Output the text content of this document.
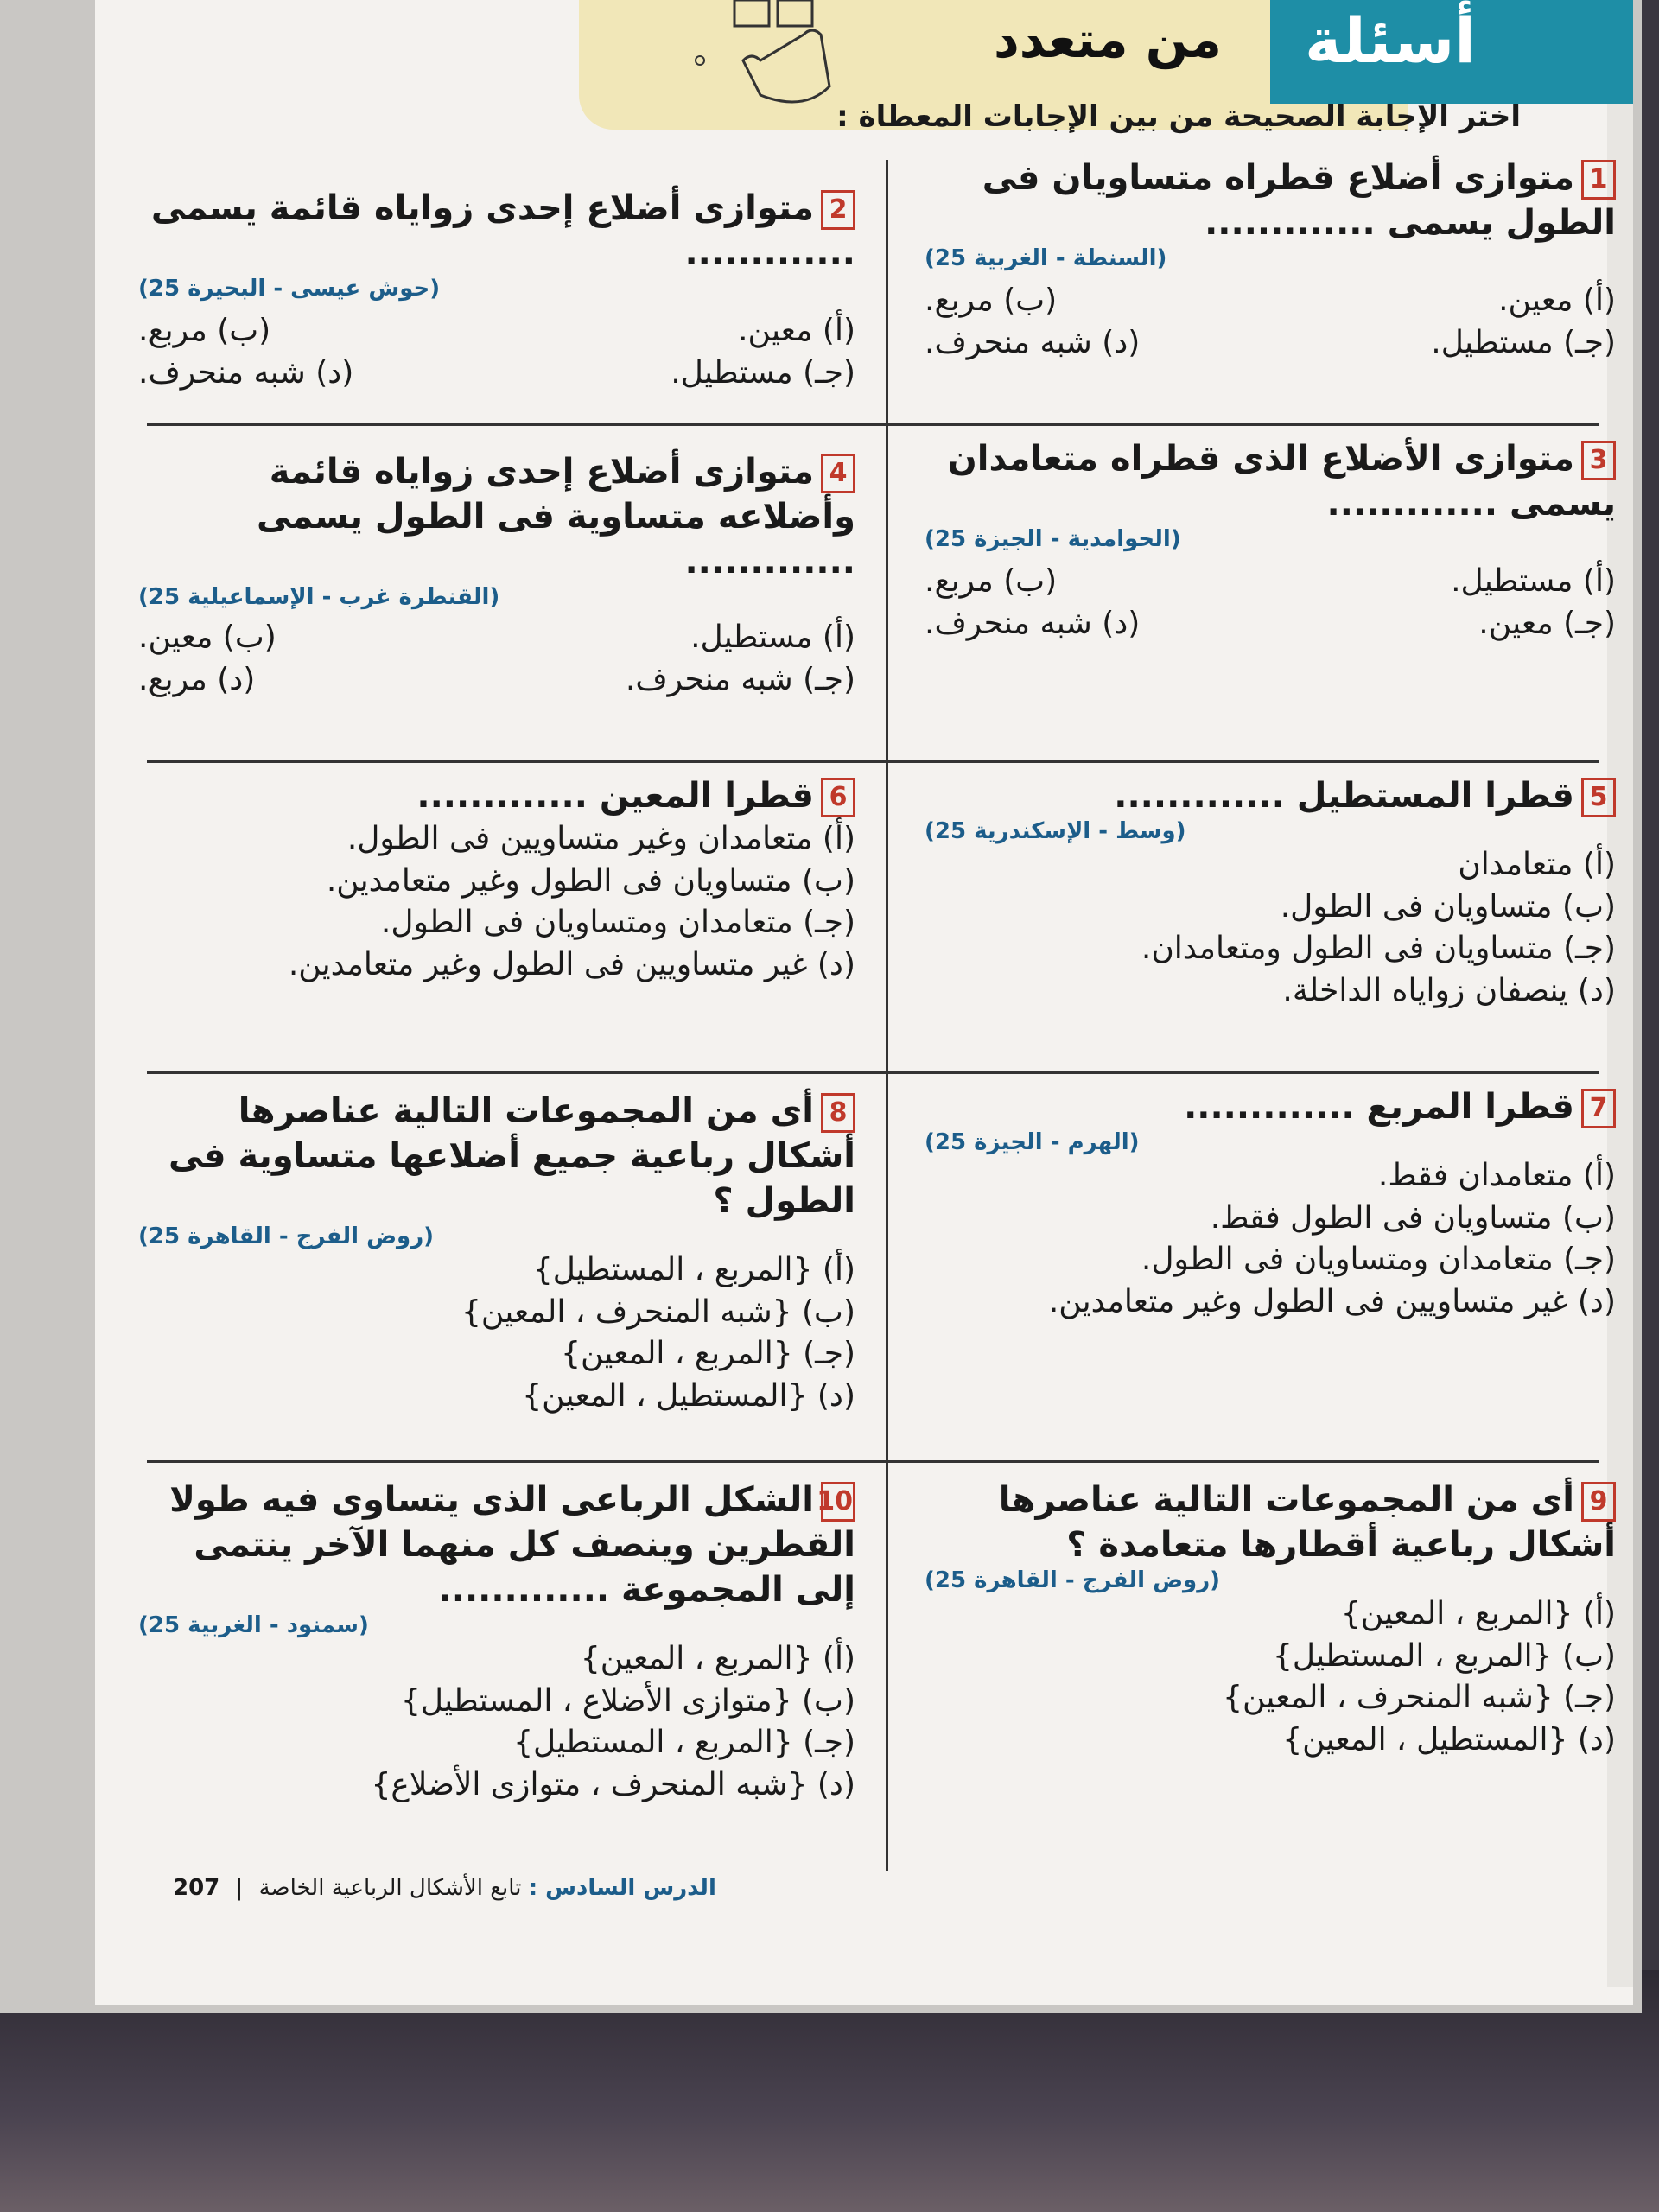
أسئلة
من متعدد
اختر الإجابة الصحيحة من بين الإجابات المعطاة :
1متوازى أضلاع قطراه متساويان فى الطول يسمى .............
(السنطة - الغربية 25)
(أ) معين.
(ب) مربع.
(جـ) مستطيل.
(د) شبه منحرف.
2متوازى أضلاع إحدى زواياه قائمة يسمى .............
(حوش عيسى - البحيرة 25)
(أ) معين.
(ب) مربع.
(جـ) مستطيل.
(د) شبه منحرف.
3متوازى الأضلاع الذى قطراه متعامدان يسمى .............
(الحوامدية - الجيزة 25)
(أ) مستطيل.
(ب) مربع.
(جـ) معين.
(د) شبه منحرف.
4متوازى أضلاع إحدى زواياه قائمة وأضلاعه متساوية فى الطول يسمى .............
(القنطرة غرب - الإسماعيلية 25)
(أ) مستطيل.
(ب) معين.
(جـ) شبه منحرف.
(د) مربع.
5قطرا المستطيل .............
(وسط - الإسكندرية 25)
(أ) متعامدان
(ب) متساويان فى الطول.
(جـ) متساويان فى الطول ومتعامدان.
(د) ينصفان زواياه الداخلة.
6قطرا المعين .............
(أ) متعامدان وغير متساويين فى الطول.
(ب) متساويان فى الطول وغير متعامدين.
(جـ) متعامدان ومتساويان فى الطول.
(د) غير متساويين فى الطول وغير متعامدين.
7قطرا المربع .............
(الهرم - الجيزة 25)
(أ) متعامدان فقط.
(ب) متساويان فى الطول فقط.
(جـ) متعامدان ومتساويان فى الطول.
(د) غير متساويين فى الطول وغير متعامدين.
8أى من المجموعات التالية عناصرها أشكال رباعية جميع أضلاعها متساوية فى الطول ؟
(روض الفرج - القاهرة 25)
(أ) {المربع ، المستطيل}
(ب) {شبه المنحرف ، المعين}
(جـ) {المربع ، المعين}
(د) {المستطيل ، المعين}
9أى من المجموعات التالية عناصرها أشكال رباعية أقطارها متعامدة ؟
(روض الفرج - القاهرة 25)
(أ) {المربع ، المعين}
(ب) {المربع ، المستطيل}
(جـ) {شبه المنحرف ، المعين}
(د) {المستطيل ، المعين}
10الشكل الرباعى الذى يتساوى فيه طولا القطرين وينصف كل منهما الآخر ينتمى إلى المجموعة .............
(سمنود - الغربية 25)
(أ) {المربع ، المعين}
(ب) {متوازى الأضلاع ، المستطيل}
(جـ) {المربع ، المستطيل}
(د) {شبه المنحرف ، متوازى الأضلاع}
الدرس السادس : تابع الأشكال الرباعية الخاصة | 207
